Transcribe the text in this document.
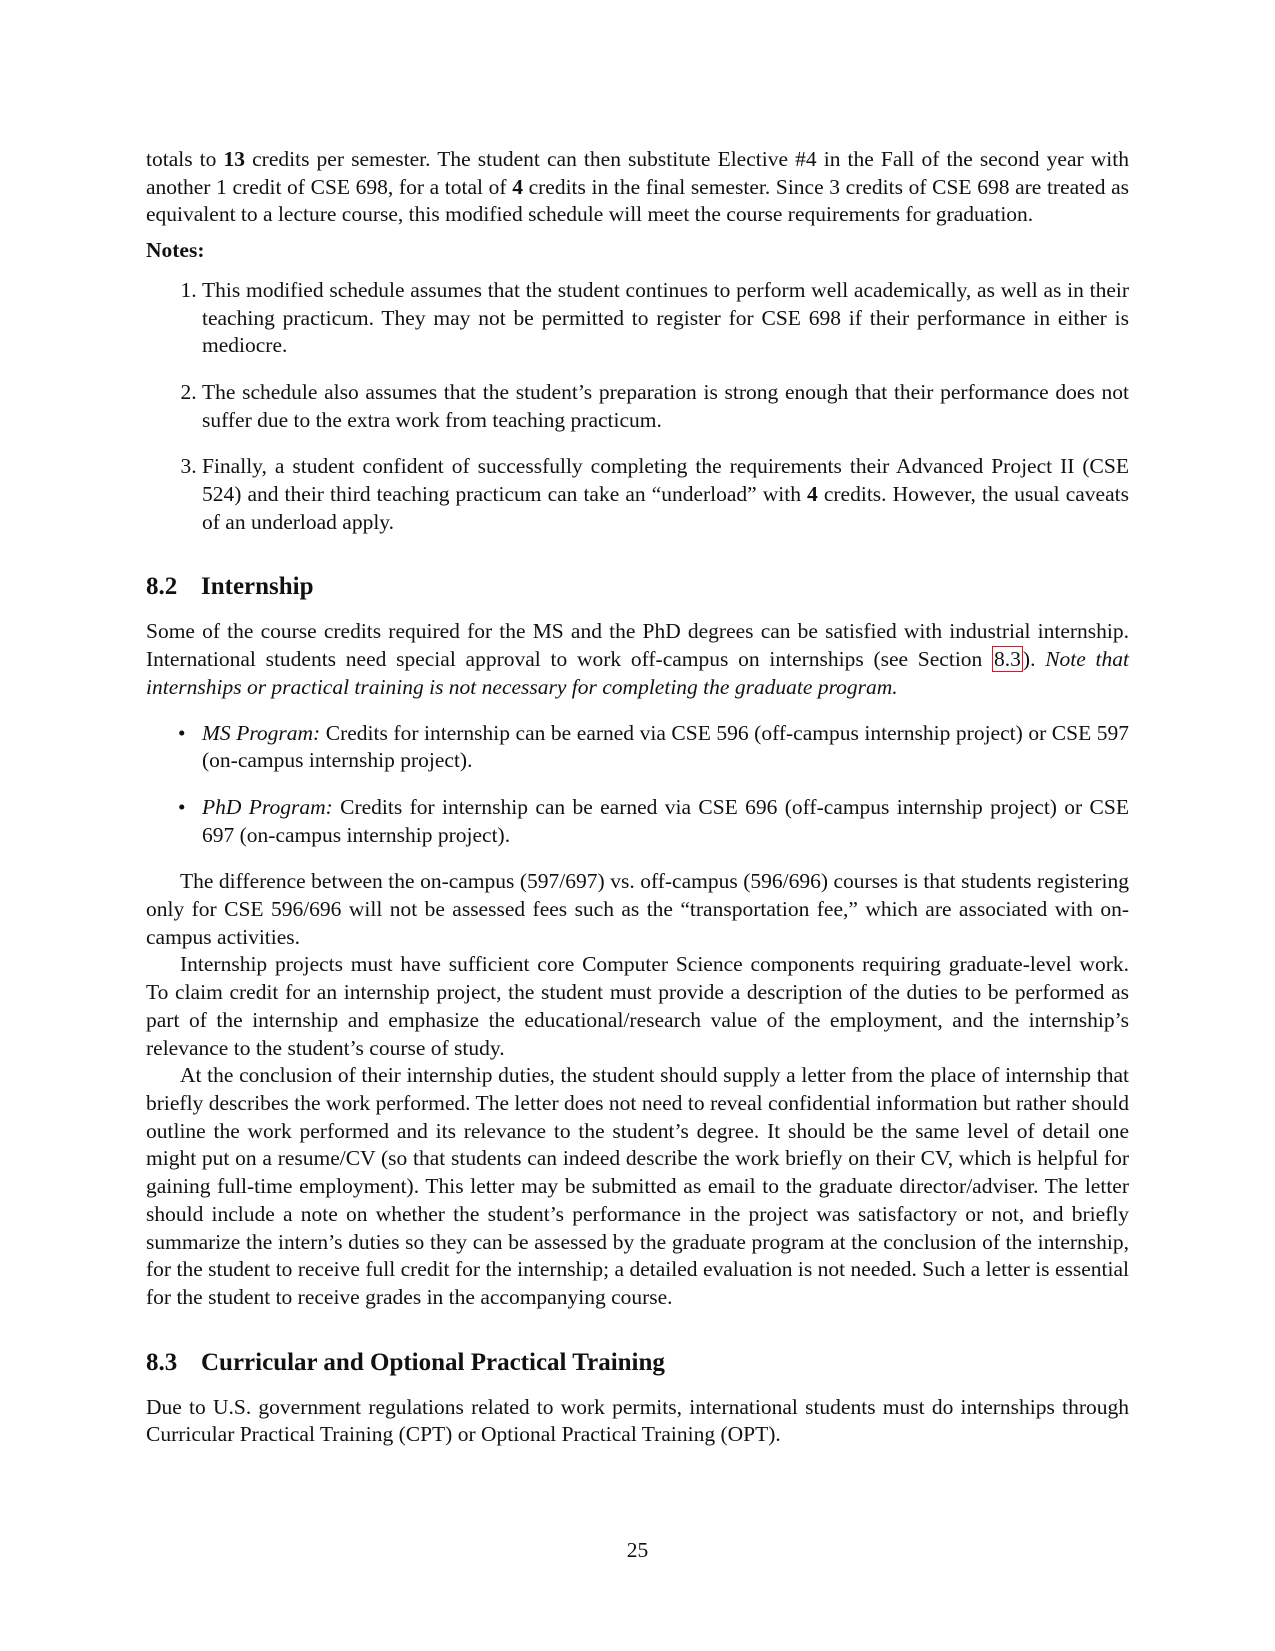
totals to 13 credits per semester. The student can then substitute Elective #4 in the Fall of the second year with another 1 credit of CSE 698, for a total of 4 credits in the final semester. Since 3 credits of CSE 698 are treated as equivalent to a lecture course, this modified schedule will meet the course requirements for graduation.

Notes:

1. This modified schedule assumes that the student continues to perform well academically, as well as in their teaching practicum. They may not be permitted to register for CSE 698 if their performance in either is mediocre.
2. The schedule also assumes that the student’s preparation is strong enough that their performance does not suffer due to the extra work from teaching practicum.
3. Finally, a student confident of successfully completing the requirements their Advanced Project II (CSE 524) and their third teaching practicum can take an “underload” with 4 credits. However, the usual caveats of an underload apply.
8.2 Internship

Some of the course credits required for the MS and the PhD degrees can be satisfied with industrial internship. International students need special approval to work off-campus on internships (see Section 8.3). Note that internships or practical training is not necessary for completing the graduate program.

• MS Program: Credits for internship can be earned via CSE 596 (off-campus internship project) or CSE 597 (on-campus internship project).
• PhD Program: Credits for internship can be earned via CSE 696 (off-campus internship project) or CSE 697 (on-campus internship project).

The difference between the on-campus (597/697) vs. off-campus (596/696) courses is that students registering only for CSE 596/696 will not be assessed fees such as the “transportation fee,” which are associated with on-campus activities.

Internship projects must have sufficient core Computer Science components requiring graduate-level work. To claim credit for an internship project, the student must provide a description of the duties to be performed as part of the internship and emphasize the educational/research value of the employment, and the internship’s relevance to the student’s course of study.

At the conclusion of their internship duties, the student should supply a letter from the place of internship that briefly describes the work performed. The letter does not need to reveal confidential information but rather should outline the work performed and its relevance to the student’s degree. It should be the same level of detail one might put on a resume/CV (so that students can indeed describe the work briefly on their CV, which is helpful for gaining full-time employment). This letter may be submitted as email to the graduate director/adviser. The letter should include a note on whether the student’s performance in the project was satisfactory or not, and briefly summarize the intern’s duties so they can be assessed by the graduate program at the conclusion of the internship, for the student to receive full credit for the internship; a detailed evaluation is not needed. Such a letter is essential for the student to receive grades in the accompanying course.

8.3 Curricular and Optional Practical Training

Due to U.S. government regulations related to work permits, international students must do internships through Curricular Practical Training (CPT) or Optional Practical Training (OPT).

25
